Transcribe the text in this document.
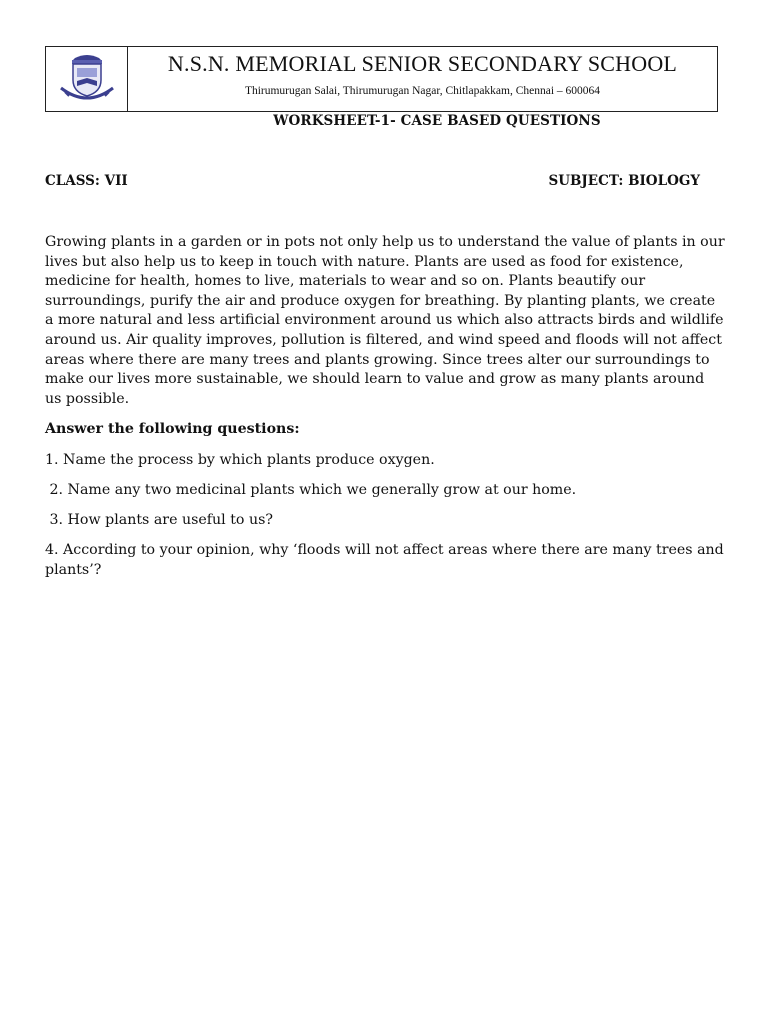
N.S.N. MEMORIAL SENIOR SECONDARY SCHOOL
Thirumurugan Salai, Thirumurugan Nagar, Chitlapakkam, Chennai – 600064
WORKSHEET-1- CASE BASED QUESTIONS
CLASS: VII	SUBJECT: BIOLOGY
Growing plants in a garden or in pots not only help us to understand the value of plants in our lives but also help us to keep in touch with nature. Plants are used as food for existence, medicine for health, homes to live, materials to wear and so on. Plants beautify our surroundings, purify the air and produce oxygen for breathing. By planting plants, we create a more natural and less artificial environment around us which also attracts birds and wildlife around us. Air quality improves, pollution is filtered, and wind speed and floods will not affect areas where there are many trees and plants growing. Since trees alter our surroundings to make our lives more sustainable, we should learn to value and grow as many plants around us possible.
Answer the following questions:
1. Name the process by which plants produce oxygen.
2. Name any two medicinal plants which we generally grow at our home.
3. How plants are useful to us?
4. According to your opinion, why ‘floods will not affect areas where there are many trees and plants’?
